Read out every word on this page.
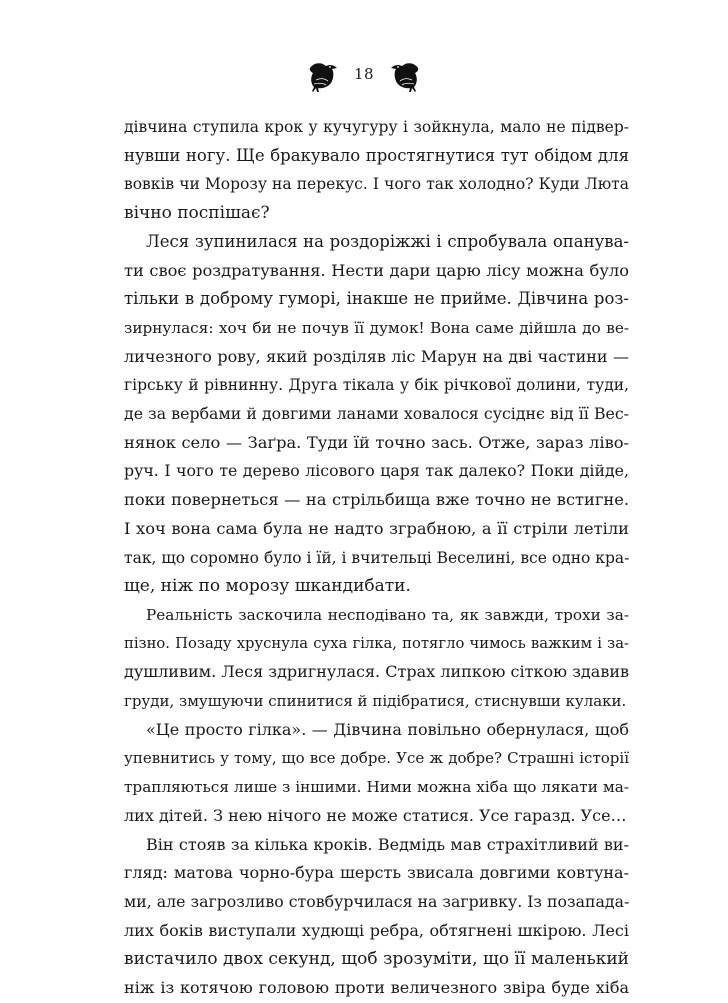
18
дівчина ступила крок у кучугуру і зойкнула, мало не підвер-
нувши ногу. Ще бракувало простягнутися тут обідом для
вовків чи Морозу на перекус. І чого так холодно? Куди Люта
вічно поспішає?
Леся зупинилася на роздоріжжі і спробувала опанува-
ти своє роздратування. Нести дари царю лісу можна було
тільки в доброму гуморі, інакше не прийме. Дівчина роз-
зирнулася: хоч би не почув її думок! Вона саме дійшла до ве-
личезного рову, який розділяв ліс Марун на дві частини —
гірську й рівнинну. Друга тікала у бік річкової долини, туди,
де за вербами й довгими ланами ховалося сусіднє від її Вес-
нянок село — Заґра. Туди їй точно зась. Отже, зараз ліво-
руч. І чого те дерево лісового царя так далеко? Поки дійде,
поки повернеться — на стрільбища вже точно не встигне.
І хоч вона сама була не надто зграбною, а її стріли летіли
так, що соромно було і їй, і вчительці Веселині, все одно кра-
ще, ніж по морозу шкандибати.
Реальність заскочила несподівано та, як завжди, трохи за-
пізно. Позаду хруснула суха гілка, потягло чимось важким і за-
душливим. Леся здригнулася. Страх липкою сіткою здавив
груди, змушуючи спинитися й підібратися, стиснувши кулаки.
«Це просто гілка». — Дівчина повільно обернулася, щоб
упевнитись у тому, що все добре. Усе ж добре? Страшні історії
трапляються лише з іншими. Ними можна хіба що лякати ма-
лих дітей. З нею нічого не може статися. Усе гаразд. Усе…
Він стояв за кілька кроків. Ведмідь мав страхітливий ви-
гляд: матова чорно-бура шерсть звисала довгими ковтуна-
ми, але загрозливо стовбурчилася на загривку. Із позапада-
лих боків виступали худющі ребра, обтягнені шкірою. Лесі
вистачило двох секунд, щоб зрозуміти, що її маленький
ніж із котячою головою проти величезного звіра буде хіба
